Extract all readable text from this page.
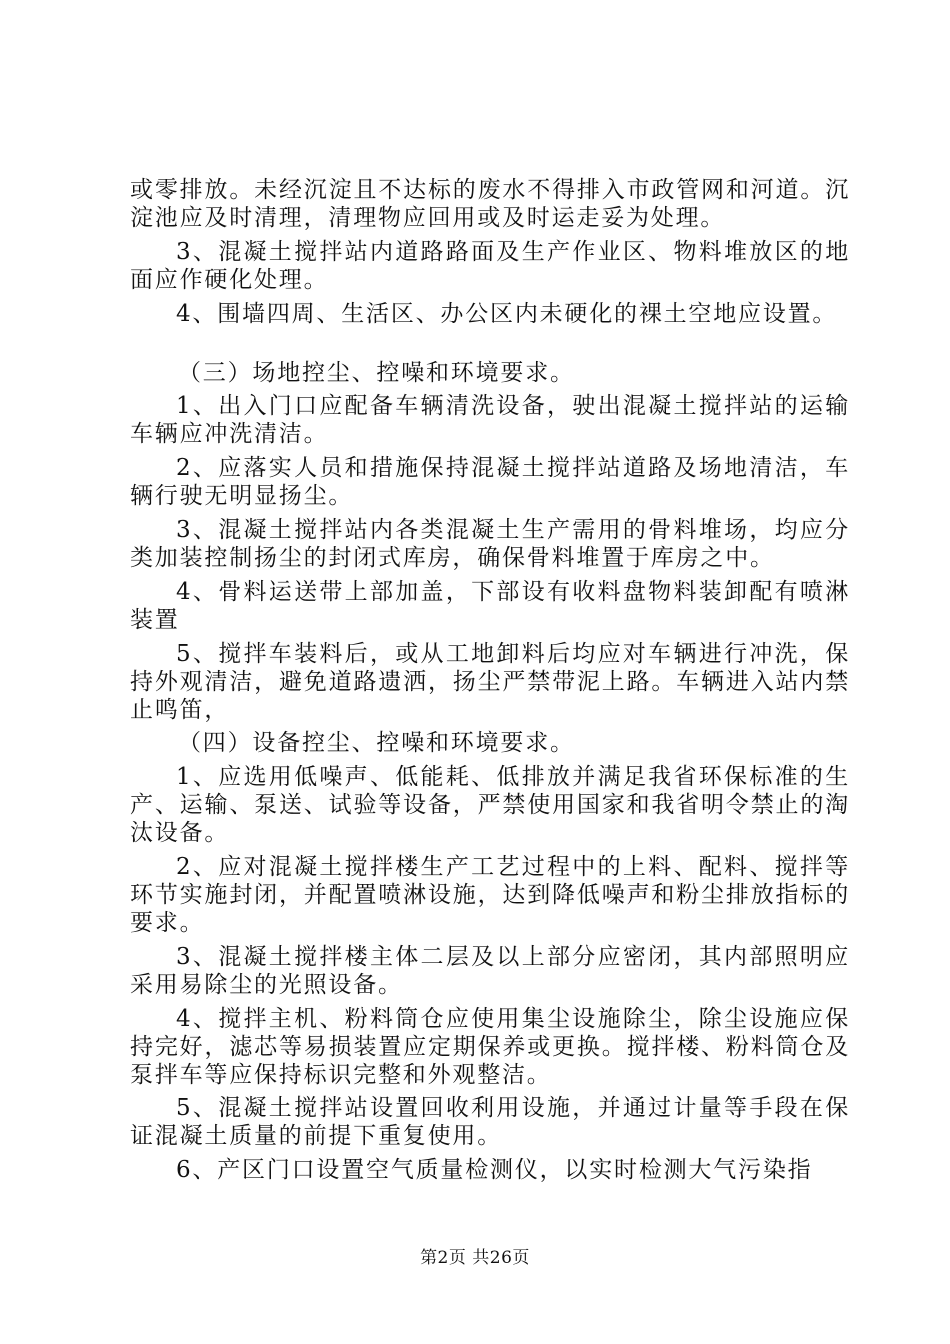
或零排放。未经沉淀且不达标的废水不得排入市政管网和河道。沉淀池应及时清理，清理物应回用或及时运走妥为处理。

3、混凝土搅拌站内道路路面及生产作业区、物料堆放区的地面应作硬化处理。

4、围墙四周、生活区、办公区内未硬化的裸土空地应设置。

（三）场地控尘、控噪和环境要求。

1、出入门口应配备车辆清洗设备，驶出混凝土搅拌站的运输车辆应冲洗清洁。

2、应落实人员和措施保持混凝土搅拌站道路及场地清洁，车辆行驶无明显扬尘。

3、混凝土搅拌站内各类混凝土生产需用的骨料堆场，均应分类加装控制扬尘的封闭式库房，确保骨料堆置于库房之中。

4、骨料运送带上部加盖，下部设有收料盘物料装卸配有喷淋装置

5、搅拌车装料后，或从工地卸料后均应对车辆进行冲洗，保持外观清洁，避免道路遗洒，扬尘严禁带泥上路。车辆进入站内禁止鸣笛，

（四）设备控尘、控噪和环境要求。

1、应选用低噪声、低能耗、低排放并满足我省环保标准的生产、运输、泵送、试验等设备，严禁使用国家和我省明令禁止的淘汰设备。

2、应对混凝土搅拌楼生产工艺过程中的上料、配料、搅拌等环节实施封闭，并配置喷淋设施，达到降低噪声和粉尘排放指标的要求。

3、混凝土搅拌楼主体二层及以上部分应密闭，其内部照明应采用易除尘的光照设备。

4、搅拌主机、粉料筒仓应使用集尘设施除尘，除尘设施应保持完好，滤芯等易损装置应定期保养或更换。搅拌楼、粉料筒仓及泵拌车等应保持标识完整和外观整洁。

5、混凝土搅拌站设置回收利用设施，并通过计量等手段在保证混凝土质量的前提下重复使用。

6、产区门口设置空气质量检测仪，以实时检测大气污染指

第2页 共26页
